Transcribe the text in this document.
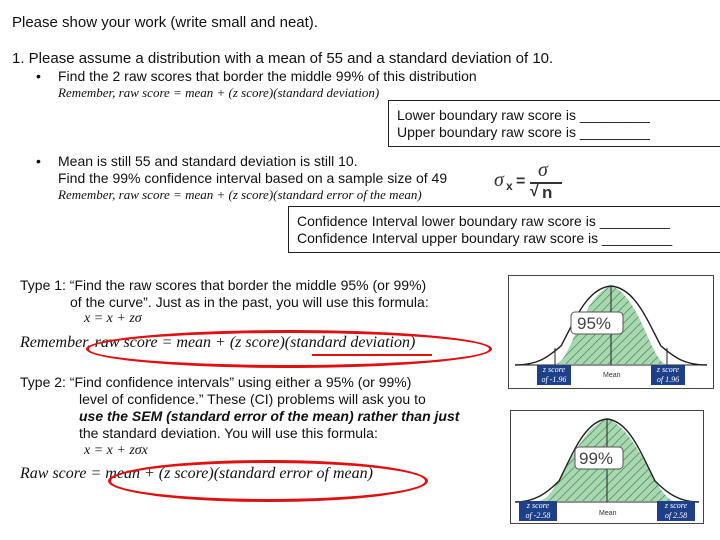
Please show your work (write small and neat).
1. Please assume a distribution with a mean of 55 and a standard deviation of 10.
• Find the 2 raw scores that border the middle 99% of this distribution
Remember, raw score = mean + (z score)(standard deviation)
Lower boundary raw score is _________
Upper boundary raw score is _________
• Mean is still 55 and standard deviation is still 10.
Find the 99% confidence interval based on a sample size of 49
Remember, raw score = mean + (z score)(standard error of the mean)
σ x =
σ
√ n
Confidence Interval lower boundary raw score is _________
Confidence Interval upper boundary raw score is _________
Type 1: “Find the raw scores that border the middle 95% (or 99%)
of the curve”. Just as in the past, you will use this formula:
x = x + zσ
Remember, raw score = mean + (z score)(standard deviation)
Type 2: “Find confidence intervals” using either a 95% (or 99%)
level of confidence.” These (CI) problems will ask you to
use the SEM (standard error of the mean) rather than just
the standard deviation. You will use this formula:
x = x + zσx
Raw score = mean + (z score)(standard error of mean)
95%
z score
of -1.96	Mean
z score
of 1.96
99%
z score
of -2.58	Mean
z score
of 2.58
